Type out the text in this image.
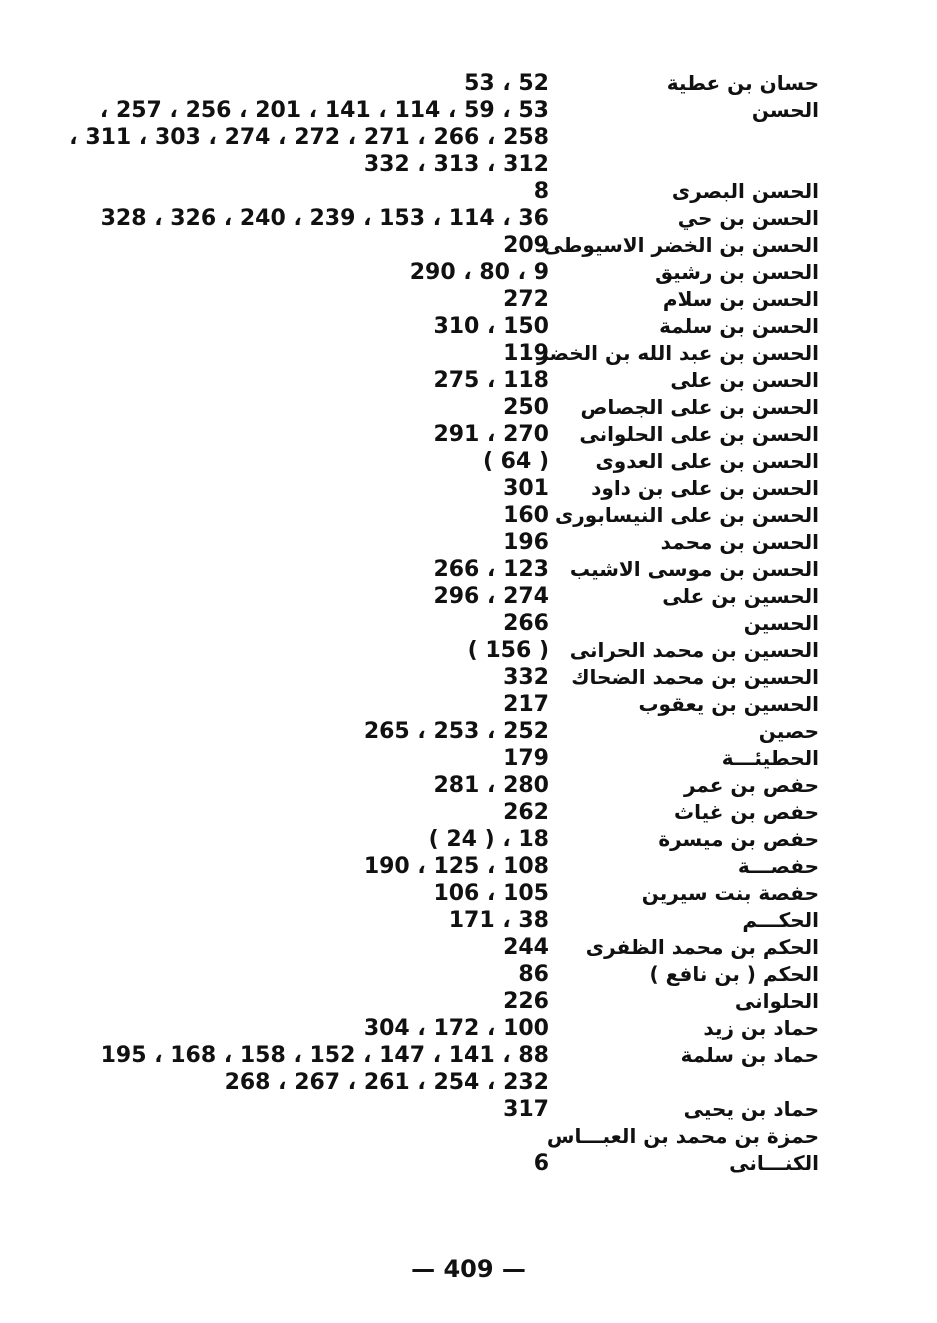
حسان بن عطية
52 ، 53
الحسن
53 ، 59 ، 114 ، 141 ، 201 ، 256 ، 257 ،
258 ، 266 ، 271 ، 272 ، 274 ، 303 ، 311 ،
312 ، 313 ، 332
الحسن البصرى
8
الحسن بن حي
36 ، 114 ، 153 ، 239 ، 240 ، 326 ، 328
الحسن بن الخضر الاسيوطى
209
الحسن بن رشيق
9 ، 80 ، 290
الحسن بن سلام
272
الحسن بن سلمة
150 ، 310
الحسن بن عبد الله بن الخضر
119
الحسن بن على
118 ، 275
الحسن بن على الجصاص
250
الحسن بن على الحلوانى
270 ، 291
الحسن بن على العدوى
( 64 )
الحسن بن على بن داود
301
الحسن بن على النيسابورى
160
الحسن بن محمد
196
الحسن بن موسى الاشيب
123 ، 266
الحسين بن على
274 ، 296
الحسين
266
الحسين بن محمد الحرانى
( 156 )
الحسين بن محمد الضحاك
332
الحسين بن يعقوب
217
حصين
252 ، 253 ، 265
الحطيئـــة
179
حفص بن عمر
280 ، 281
حفص بن غياث
262
حفص بن ميسرة
18 ، ( 24 )
حفصـــة
108 ، 125 ، 190
حفصة بنت سيرين
105 ، 106
الحكـــم
38 ، 171
الحكم بن محمد الظفرى
244
الحكم ( بن نافع )
86
الحلوانى
226
حماد بن زيد
100 ، 172 ، 304
حماد بن سلمة
88 ، 141 ، 147 ، 152 ، 158 ، 168 ، 195
232 ، 254 ، 261 ، 267 ، 268
حماد بن يحيى
317
حمزة بن محمد بن العبـــاس
الكنـــانى
6
— 409 —
